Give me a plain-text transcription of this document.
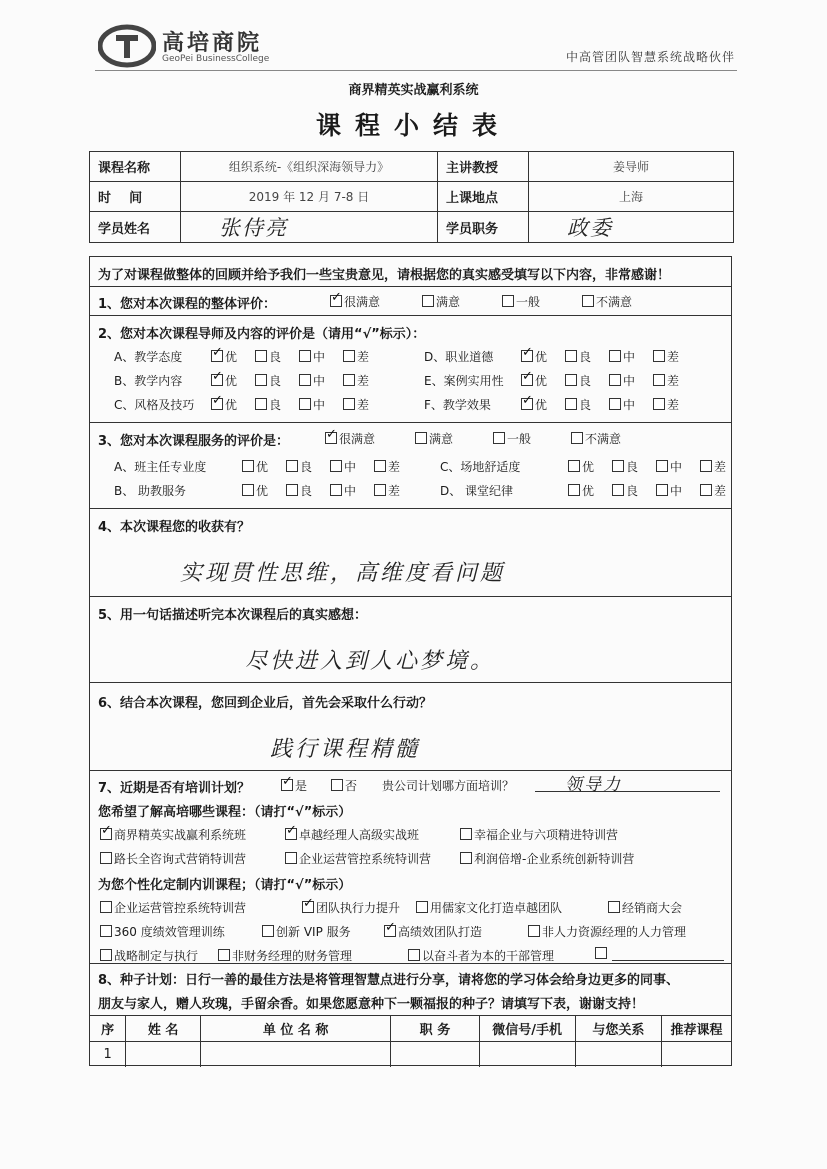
高培商院
GeoPei BusinessCollege	中高管团队智慧系统战略伙伴
商界精英实战赢利系统
课程小结表
课程名称	组织系统-《组织深海领导力》	主讲教授	姜导师
时    间	2019 年 12 月 7-8 日	上课地点	上海
学员姓名	张侍亮	学员职务	政委
为了对课程做整体的回顾并给予我们一些宝贵意见，请根据您的真实感受填写以下内容，非常感谢！
1、您对本次课程的整体评价： ✓	很满意	满意	一般	不满意
2、您对本次课程导师及内容的评价是（请用“√”标示）：
A、教学态度 ✓	优	良	中	差	D、职业道德 ✓	优	良	中	差
B、教学内容 ✓	优	良	中	差	E、案例实用性 ✓	优	良	中	差
C、风格及技巧 ✓	优	良	中	差	F、教学效果 ✓	优	良	中	差
3、您对本次课程服务的评价是： ✓	很满意	满意	一般	不满意
A、班主任专业度	优	良	中	差	C、场地舒适度	优	良	中	差
B、 助教服务	优	良	中	差	D、 课堂纪律	优	良	中	差
4、本次课程您的收获有？
实现贯性思维，高维度看问题
5、用一句话描述听完本次课程后的真实感想：
尽快进入到人心梦境。
6、结合本次课程，您回到企业后，首先会采取什么行动？
践行课程精髓
7、近期是否有培训计划？ ✓	是	否 贵公司计划哪方面培训？	领导力
您希望了解高培哪些课程：（请打“√”标示）
✓商界精英实战赢利系统班 ✓	卓越经理人高级实战班	幸福企业与六项精进特训营
路长全咨询式营销特训营	企业运营管控系统特训营	利润倍增-企业系统创新特训营
为您个性化定制内训课程；（请打“√”标示）
企业运营管控系统特训营 ✓	团队执行力提升	用儒家文化打造卓越团队	经销商大会
360 度绩效管理训练	创新 VIP 服务 ✓	高绩效团队打造	非人力资源经理的人力管理
战略制定与执行	非财务经理的财务管理	以奋斗者为本的干部管理
8、种子计划：日行一善的最佳方法是将管理智慧点进行分享，请将您的学习体会给身边更多的同事、
朋友与家人，赠人玫瑰，手留余香。如果您愿意种下一颗福报的种子？请填写下表，谢谢支持！
序	姓 名	单 位 名 称	职 务	微信号/手机	与您关系	推荐课程
1						
